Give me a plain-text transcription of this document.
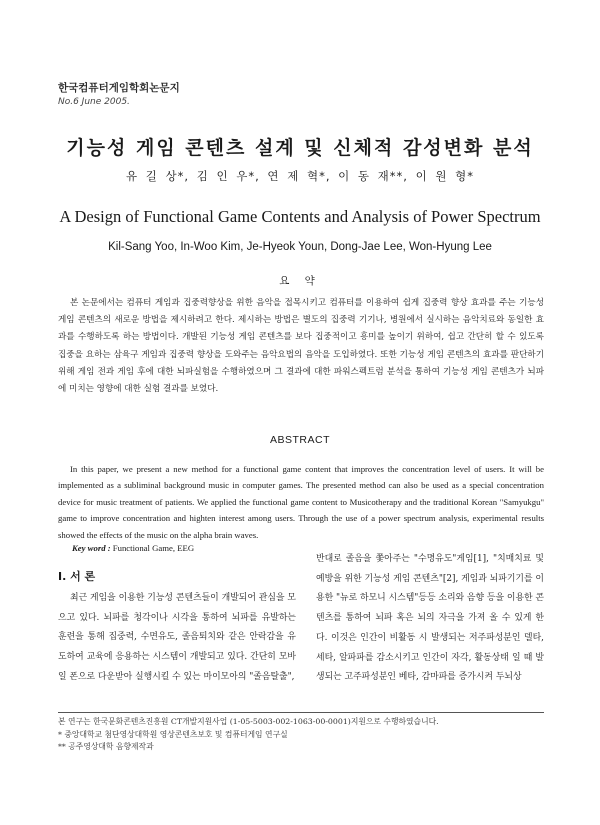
한국컴퓨터게임학회논문지
No.6 June 2005.
기능성 게임 콘텐츠 설계 및 신체적 감성변화 분석
유 길 상*, 김 인 우*, 연 제 혁*, 이 동 재**, 이 원 형*
A Design of Functional Game Contents and Analysis of Power Spectrum
Kil-Sang Yoo, In-Woo Kim, Je-Hyeok Youn, Dong-Jae Lee, Won-Hyung Lee
요 약
본 논문에서는 컴퓨터 게임과 집중력향상을 위한 음악을 접목시키고 컴퓨터를 이용하여 쉽게 집중력 향상 효과를 주는 기능성 게임 콘텐츠의 새로운 방법을 제시하려고 한다. 제시하는 방법은 별도의 집중력 기기나, 병원에서 실시하는 음악치료와 동일한 효과를 수행하도록 하는 방법이다. 개발된 기능성 게임 콘텐츠를 보다 집중적이고 흥미를 높이기 위하여, 쉽고 간단히 할 수 있도록 집중을 요하는 삼육구 게임과 집중력 향상을 도와주는 음악요법의 음악을 도입하였다. 또한 기능성 게임 콘텐츠의 효과를 판단하기 위해 게임 전과 게임 후에 대한 뇌파실험을 수행하였으며 그 결과에 대한 파워스펙트럼 분석을 통하여 기능성 게임 콘텐츠가 뇌파에 미치는 영향에 대한 실험 결과를 보였다.
ABSTRACT
In this paper, we present a new method for a functional game content that improves the concentration level of users. It will be implemented as a subliminal background music in computer games. The presented method can also be used as a special concentration device for music treatment of patients. We applied the functional game content to Musicotherapy and the traditional Korean "Samyukgu" game to improve concentration and highten interest among users. Through the use of a power spectrum analysis, experimental results showed the effects of the music on the alpha brain waves.
Key word : Functional Game, EEG
Ⅰ. 서 론
최근 게임을 이용한 기능성 콘텐츠들이 개발되어 관심을 모으고 있다. 뇌파를 청각이나 시각을 통하여 뇌파를 유발하는 훈련을 통해 집중력, 수면유도, 졸음퇴치와 같은 안락감을 유도하여 교육에 응용하는 시스템이 개발되고 있다. 간단히 모바일 폰으로 다운받아 실행시킬 수 있는 마이모아의 "졸음탈출",
반대로 졸음을 쫓아주는 "수명유도"게임[1], "치매치료 및 예방을 위한 기능성 게임 콘텐츠"[2], 게임과 뇌파기기를 이용한 "뉴로 하모니 시스템"등등 소리와 음향 등을 이용한 콘텐츠를 통하여 뇌파 혹은 뇌의 자극을 가져 올 수 있게 한다. 이것은 인간이 비활동 시 발생되는 저주파성분인 델타, 세타, 알파파를 감소시키고 인간이 자각, 활동상태 일 때 발생되는 고주파성분인 베타, 감마파를 증가시켜 두뇌상
본 연구는 한국문화콘텐츠진흥원 CT개발지원사업 (1-05-5003-002-1063-00-0001)지원으로 수행하였습니다.
* 중앙대학교 첨단영상대학원 영상콘텐츠보호 및 컴퓨터게임 연구실
** 공주영상대학 음향제작과
